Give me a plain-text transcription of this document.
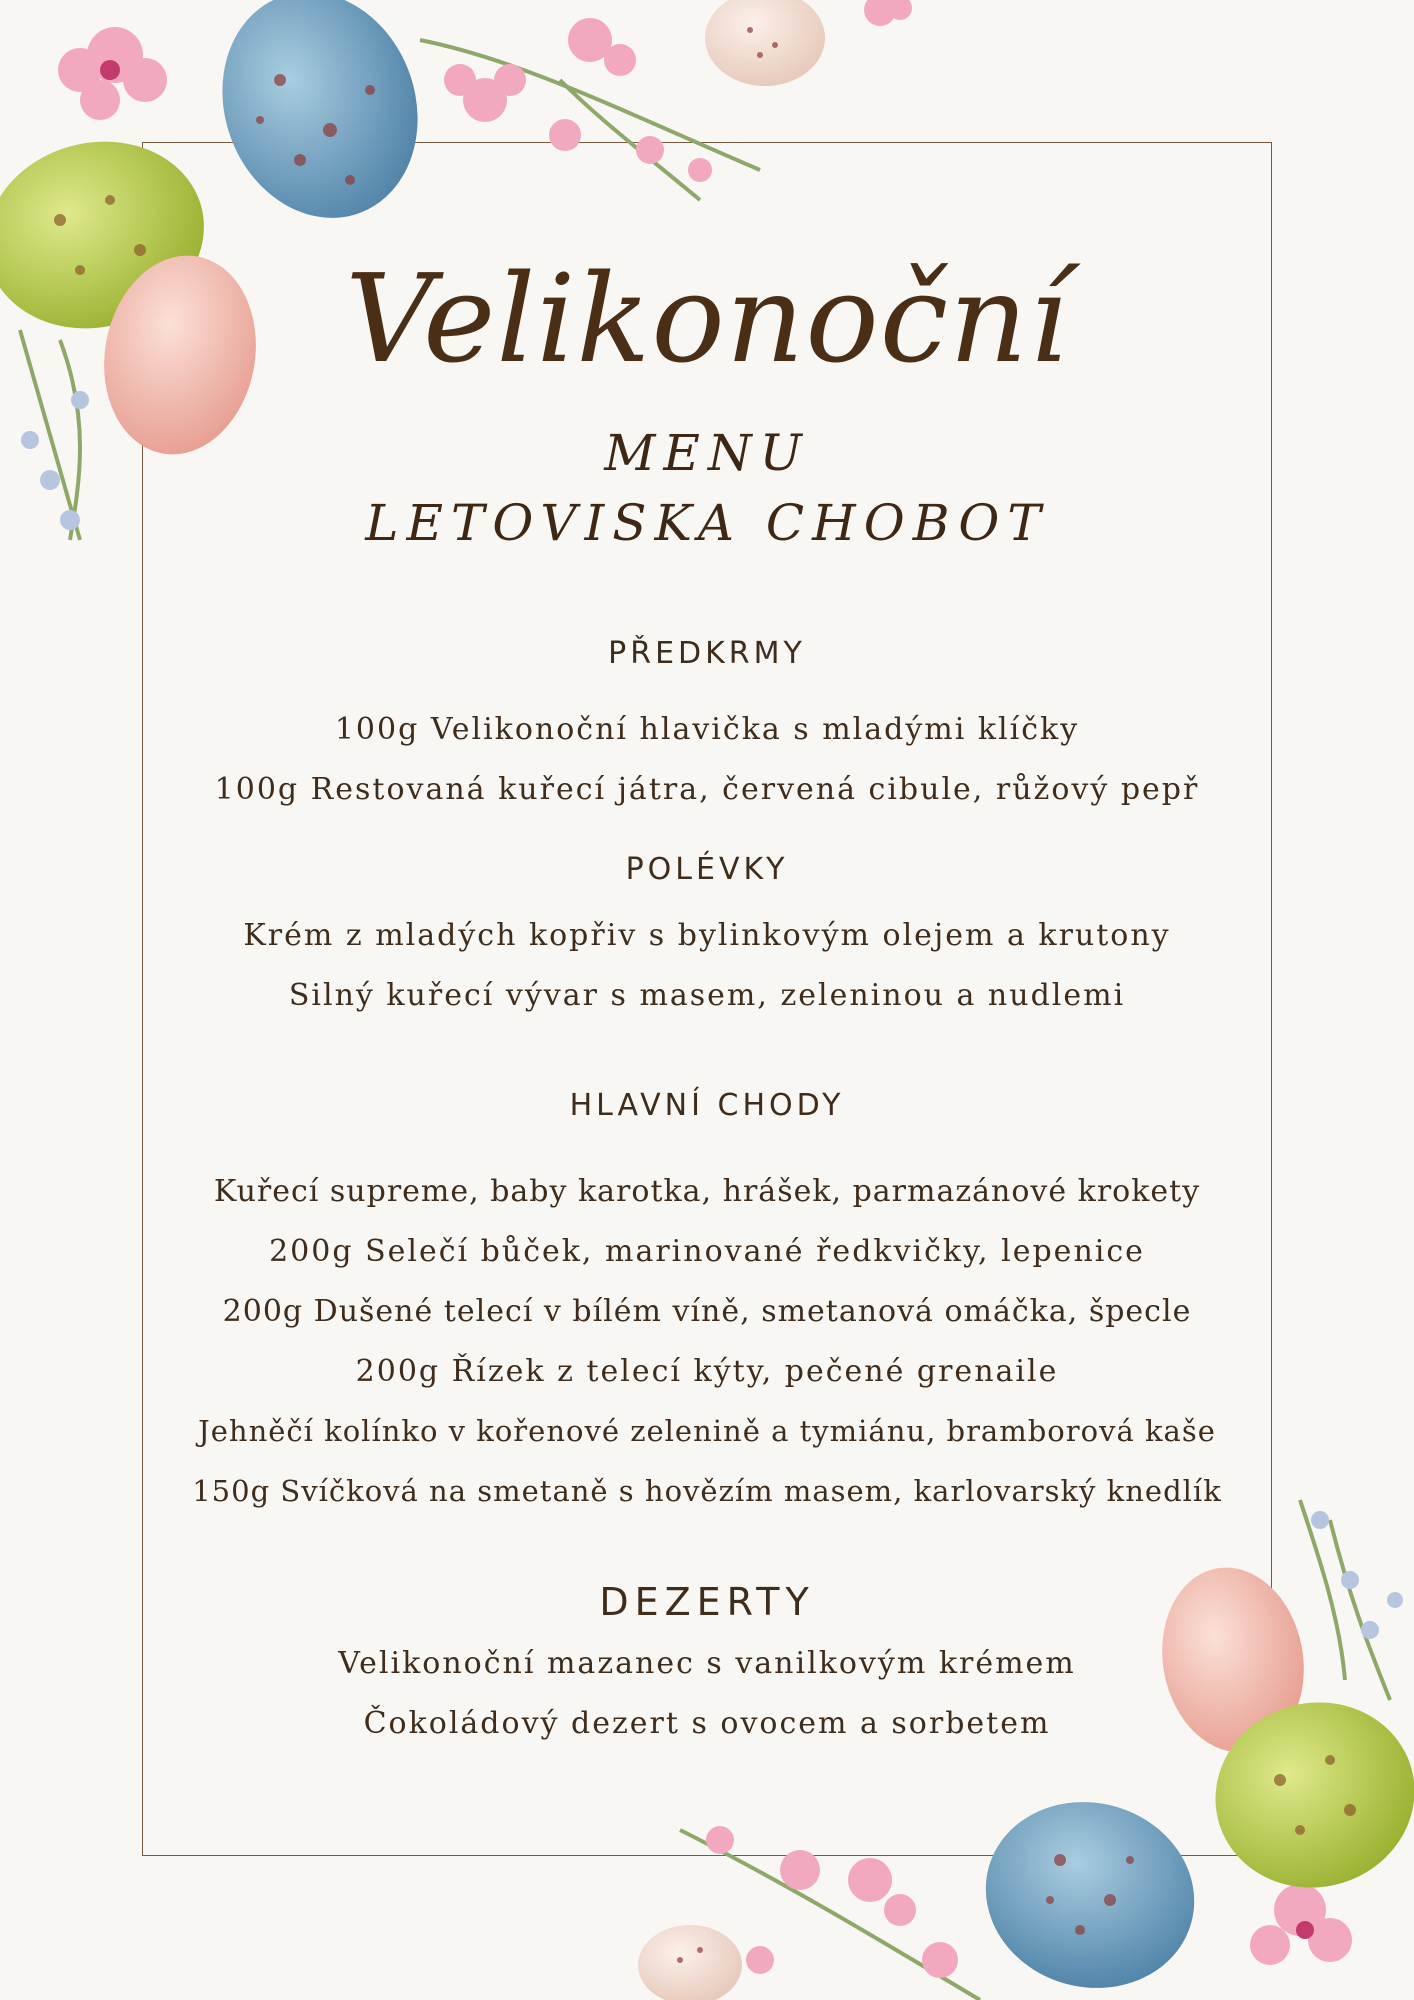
Velikonoční
MENU
LETOVISKA CHOBOT
PŘEDKRMY
100g Velikonoční hlavička s mladými klíčky
100g Restovaná kuřecí játra, červená cibule, růžový pepř
POLÉVKY
Krém z mladých kopřiv s bylinkovým olejem a krutony
Silný kuřecí vývar s masem, zeleninou a nudlemi
HLAVNÍ CHODY
Kuřecí supreme, baby karotka, hrášek, parmazánové krokety
200g Selečí bůček, marinované ředkvičky, lepenice
200g Dušené telecí v bílém víně, smetanová omáčka, špecle
200g Řízek z telecí kýty, pečené grenaile
Jehněčí kolínko v kořenové zelenině a tymiánu, bramborová kaše
150g Svíčková na smetaně s hovězím masem, karlovarský knedlík
DEZERTY
Velikonoční mazanec s vanilkovým krémem
Čokoládový dezert s ovocem a sorbetem
